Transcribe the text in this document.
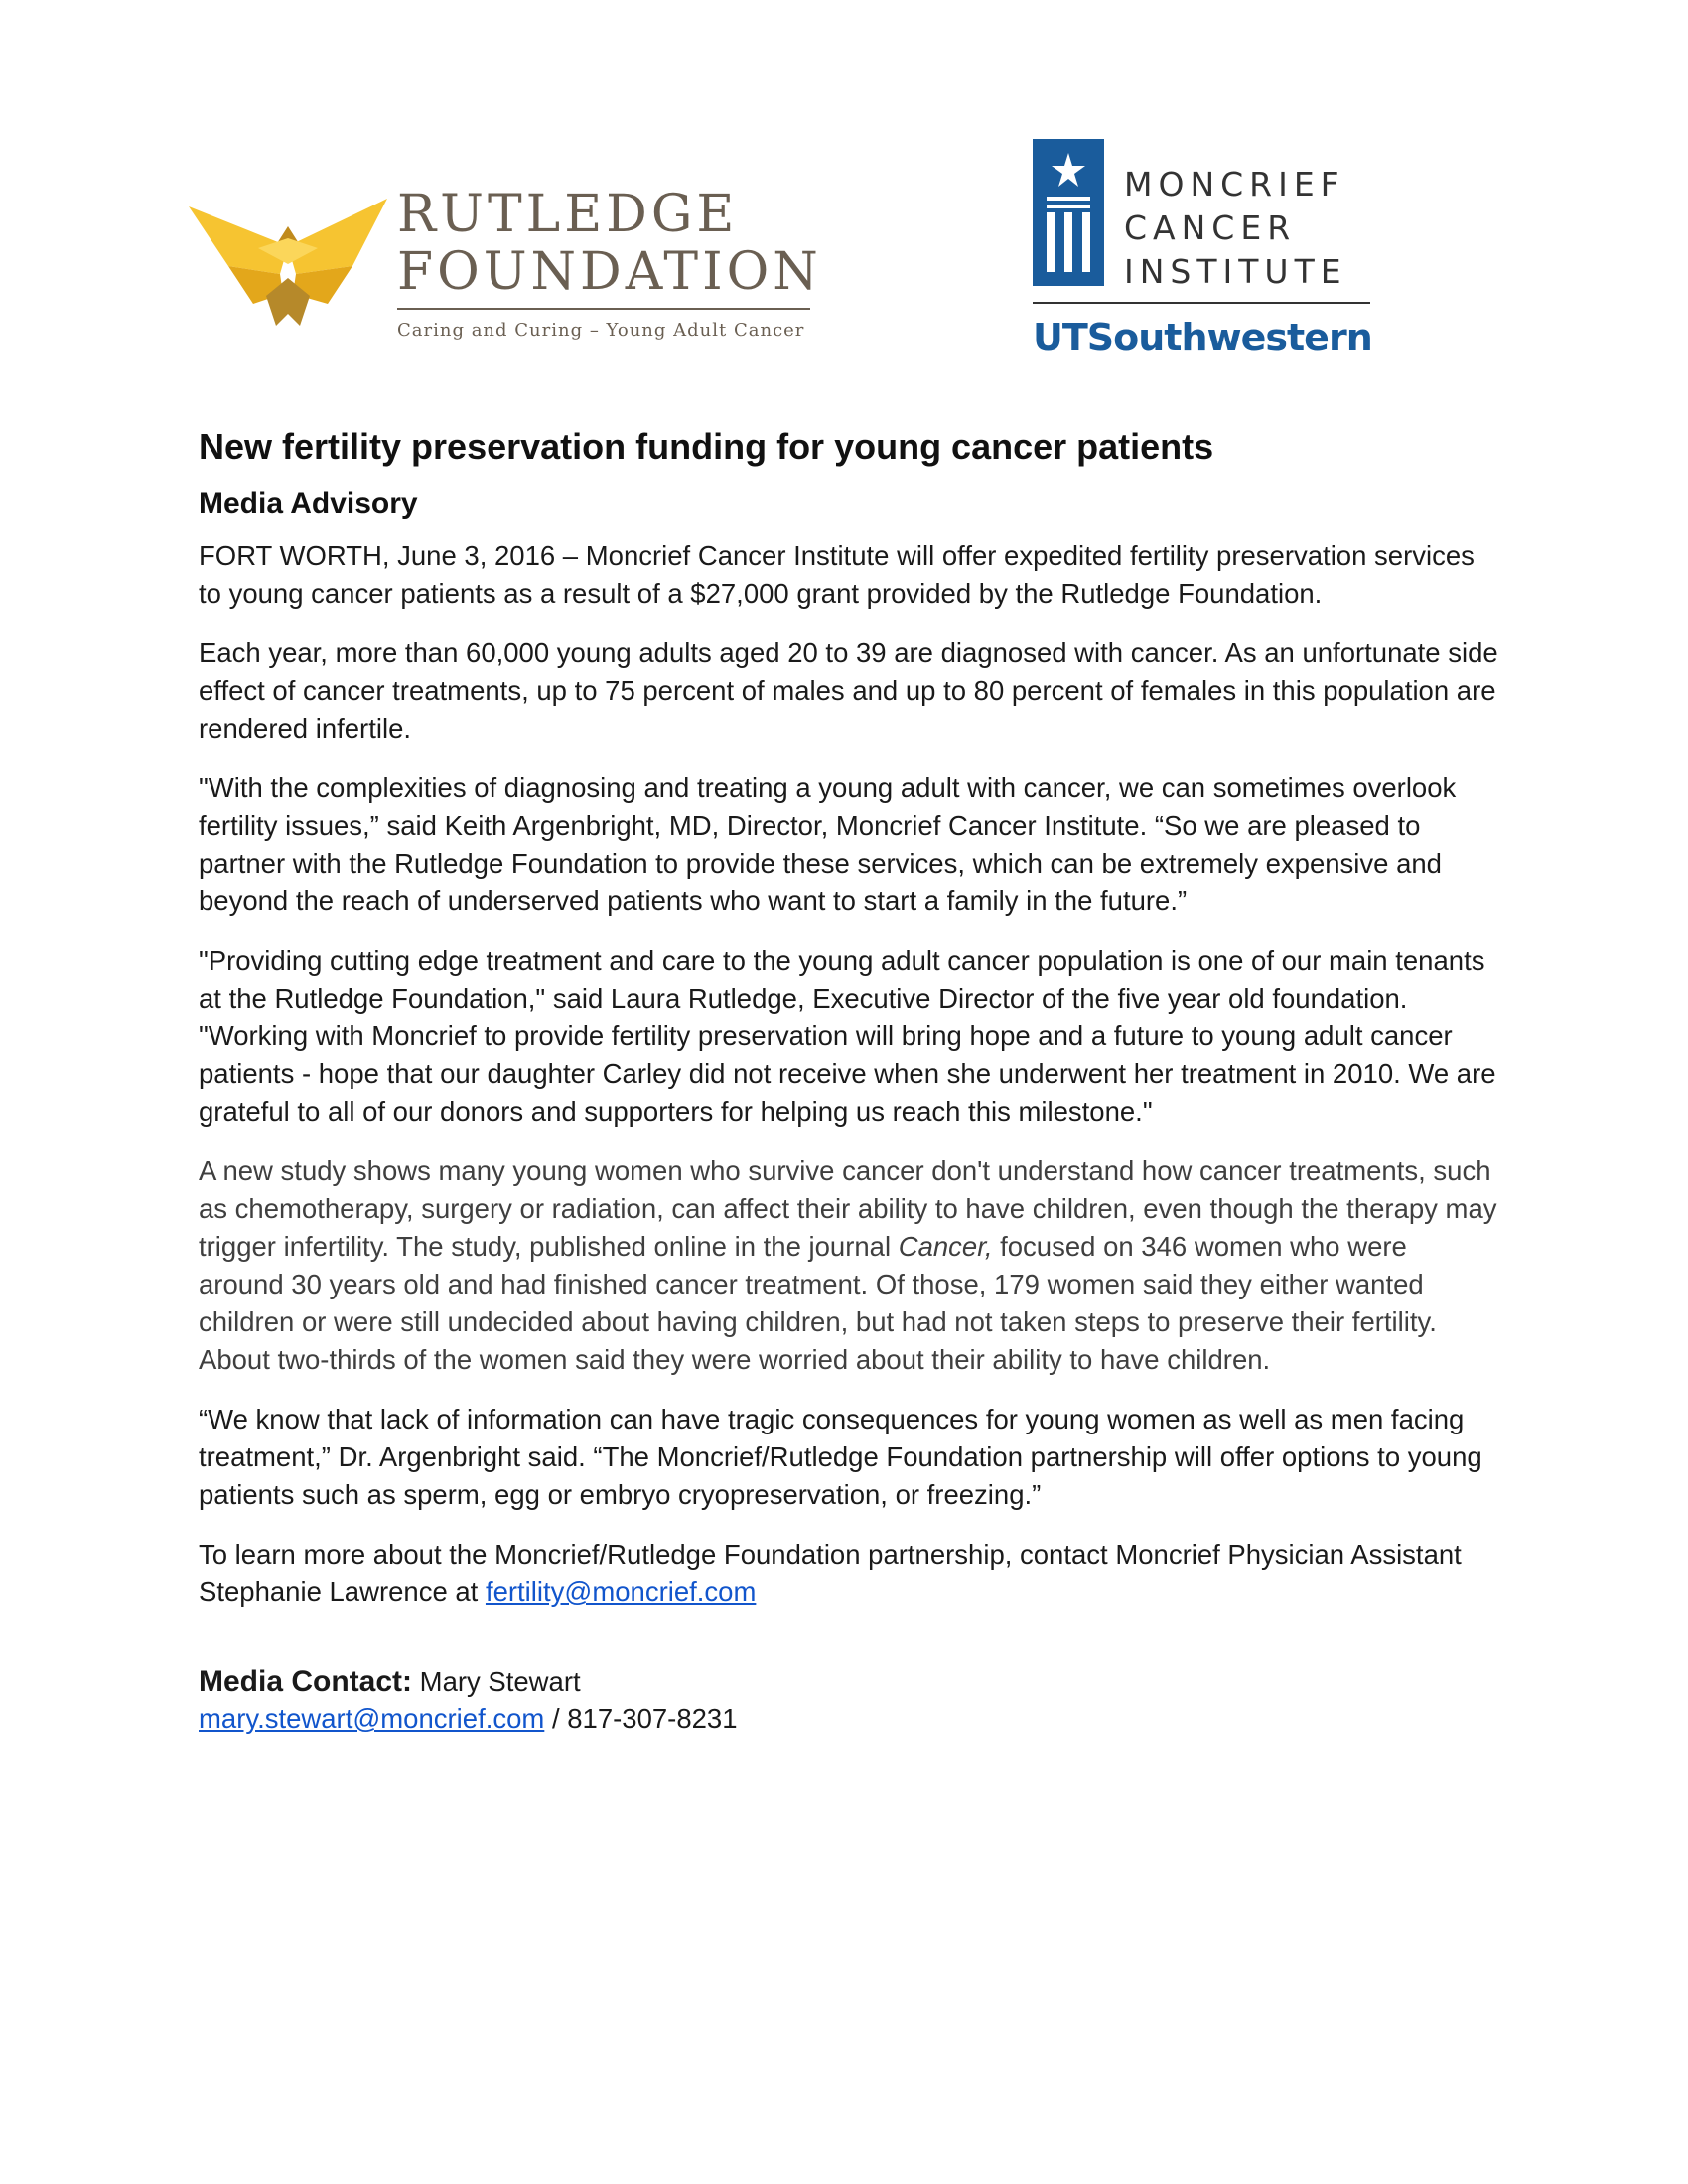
RUTLEDGE
FOUNDATION
Caring and Curing – Young Adult Cancer
MONCRIEF
CANCER
INSTITUTE
UTSouthwestern
New fertility preservation funding for young cancer patients
Media Advisory

FORT WORTH, June 3, 2016 – Moncrief Cancer Institute will offer expedited fertility preservation services to young cancer patients as a result of a $27,000 grant provided by the Rutledge Foundation.

Each year, more than 60,000 young adults aged 20 to 39 are diagnosed with cancer. As an unfortunate side effect of cancer treatments, up to 75 percent of males and up to 80 percent of females in this population are rendered infertile.

"With the complexities of diagnosing and treating a young adult with cancer, we can sometimes overlook fertility issues,” said Keith Argenbright, MD, Director, Moncrief Cancer Institute. “So we are pleased to partner with the Rutledge Foundation to provide these services, which can be extremely expensive and beyond the reach of underserved patients who want to start a family in the future.”

"Providing cutting edge treatment and care to the young adult cancer population is one of our main tenants at the Rutledge Foundation," said Laura Rutledge, Executive Director of the five year old foundation. "Working with Moncrief to provide fertility preservation will bring hope and a future to young adult cancer patients - hope that our daughter Carley did not receive when she underwent her treatment in 2010. We are grateful to all of our donors and supporters for helping us reach this milestone."

A new study shows many young women who survive cancer don't understand how cancer treatments, such as chemotherapy, surgery or radiation, can affect their ability to have children, even though the therapy may trigger infertility. The study, published online in the journal Cancer, focused on 346 women who were around 30 years old and had finished cancer treatment. Of those, 179 women said they either wanted children or were still undecided about having children, but had not taken steps to preserve their fertility. About two-thirds of the women said they were worried about their ability to have children.

“We know that lack of information can have tragic consequences for young women as well as men facing treatment,” Dr. Argenbright said. “The Moncrief/Rutledge Foundation partnership will offer options to young patients such as sperm, egg or embryo cryopreservation, or freezing.”

To learn more about the Moncrief/Rutledge Foundation partnership, contact Moncrief Physician Assistant Stephanie Lawrence at fertility@moncrief.com

Media Contact: Mary Stewart
mary.stewart@moncrief.com / 817-307-8231
